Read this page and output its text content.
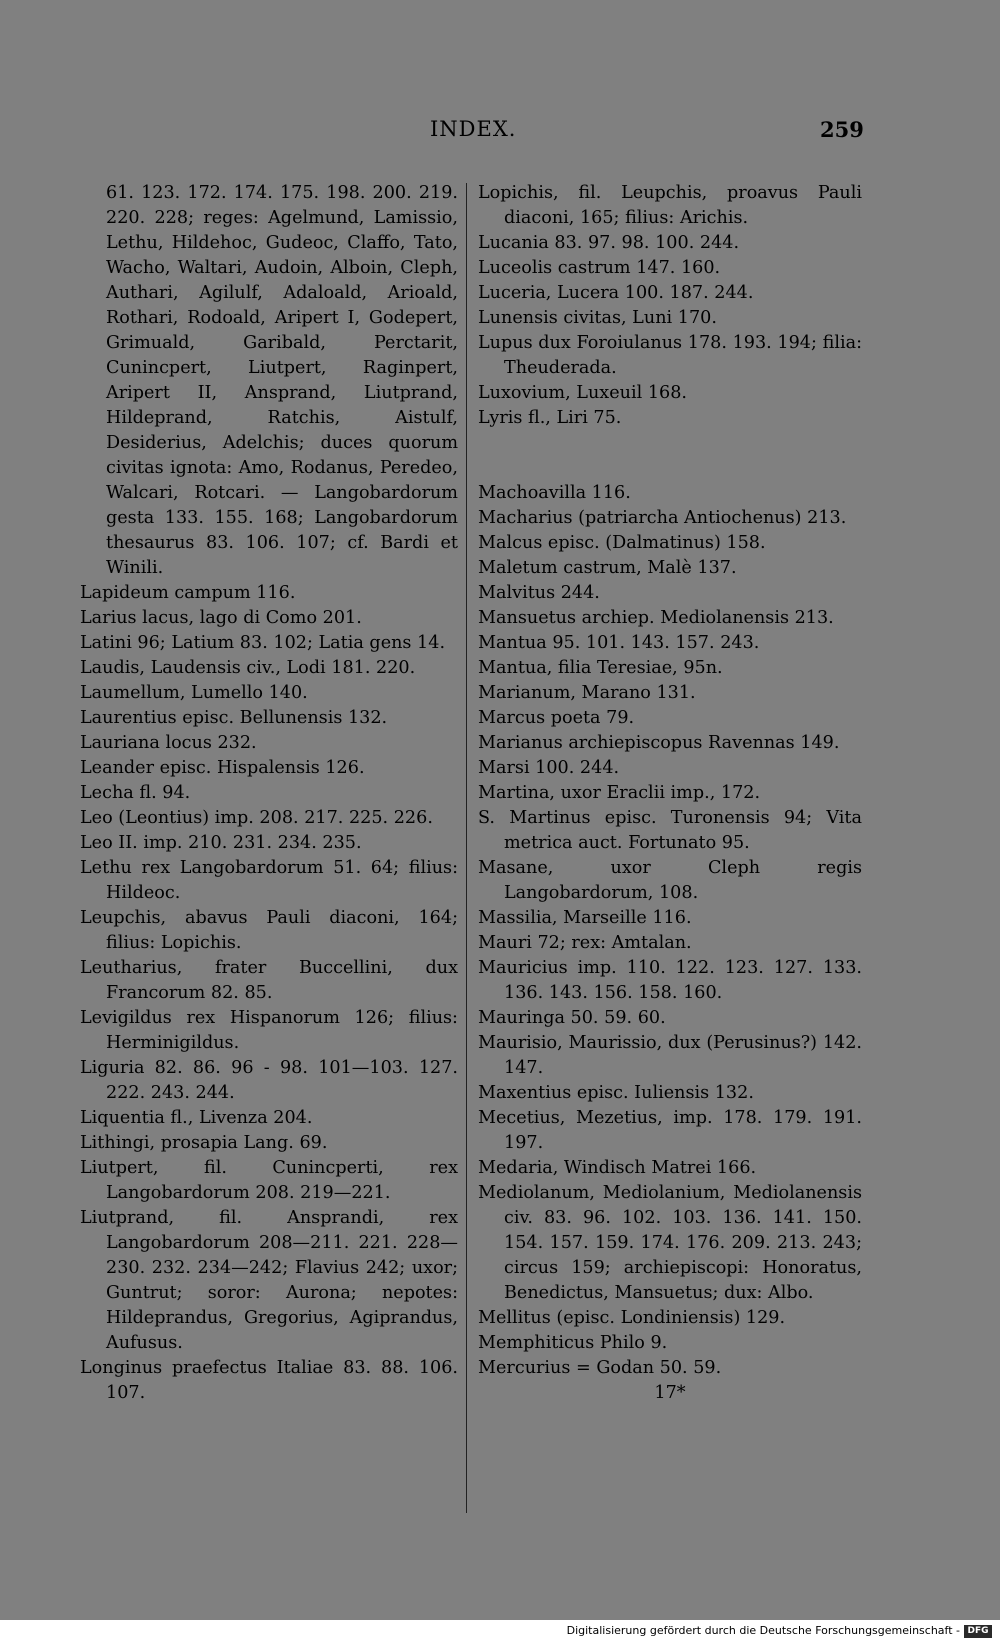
INDEX.	259

61. 123. 172. 174. 175. 198. 200. 219. 220. 228; reges: Agelmund, Lamissio, Lethu, Hildehoc, Gudeoc, Claffo, Tato, Wacho, Waltari, Audoin, Alboin, Cleph, Authari, Agilulf, Adaloald, Arioald, Rothari, Rodoald, Aripert I, Godepert, Grimuald, Garibald, Perctarit, Cunincpert, Liutpert, Raginpert, Aripert II, Ansprand, Liutprand, Hildeprand, Ratchis, Aistulf, Desiderius, Adelchis; duces quorum civitas ignota: Amo, Rodanus, Peredeo, Walcari, Rotcari. — Langobardorum gesta 133. 155. 168; Langobardorum thesaurus 83. 106. 107; cf. Bardi et Winili.

Lapideum campum 116.

Larius lacus, lago di Como 201.

Latini 96; Latium 83. 102; Latia gens 14.

Laudis, Laudensis civ., Lodi 181. 220.

Laumellum, Lumello 140.

Laurentius episc. Bellunensis 132.

Lauriana locus 232.

Leander episc. Hispalensis 126.

Lecha fl. 94.

Leo (Leontius) imp. 208. 217. 225. 226.

Leo II. imp. 210. 231. 234. 235.

Lethu rex Langobardorum 51. 64; filius: Hildeoc.

Leupchis, abavus Pauli diaconi, 164; filius: Lopichis.

Leutharius, frater Buccellini, dux Francorum 82. 85.

Levigildus rex Hispanorum 126; filius: Herminigildus.

Liguria 82. 86. 96 - 98. 101—103. 127. 222. 243. 244.

Liquentia fl., Livenza 204.

Lithingi, prosapia Lang. 69.

Liutpert, fil. Cunincperti, rex Langobardorum 208. 219—221.

Liutprand, fil. Ansprandi, rex Langobardorum 208—211. 221. 228—230. 232. 234—242; Flavius 242; uxor; Guntrut; soror: Aurona; nepotes: Hildeprandus, Gregorius, Agiprandus, Aufusus.

Longinus praefectus Italiae 83. 88. 106. 107.

Lopichis, fil. Leupchis, proavus Pauli diaconi, 165; filius: Arichis.

Lucania 83. 97. 98. 100. 244.

Luceolis castrum 147. 160.

Luceria, Lucera 100. 187. 244.

Lunensis civitas, Luni 170.

Lupus dux Foroiulanus 178. 193. 194; filia: Theuderada.

Luxovium, Luxeuil 168.

Lyris fl., Liri 75.

Machoavilla 116.

Macharius (patriarcha Antiochenus) 213.

Malcus episc. (Dalmatinus) 158.

Maletum castrum, Malè 137.

Malvitus 244.

Mansuetus archiep. Mediolanensis 213.

Mantua 95. 101. 143. 157. 243.

Mantua, filia Teresiae, 95n.

Marianum, Marano 131.

Marcus poeta 79.

Marianus archiepiscopus Ravennas 149.

Marsi 100. 244.

Martina, uxor Eraclii imp., 172.

S. Martinus episc. Turonensis 94; Vita metrica auct. Fortunato 95.

Masane, uxor Cleph regis Langobardorum, 108.

Massilia, Marseille 116.

Mauri 72; rex: Amtalan.

Mauricius imp. 110. 122. 123. 127. 133. 136. 143. 156. 158. 160.

Mauringa 50. 59. 60.

Maurisio, Maurissio, dux (Perusinus?) 142. 147.

Maxentius episc. Iuliensis 132.

Mecetius, Mezetius, imp. 178. 179. 191. 197.

Medaria, Windisch Matrei 166.

Mediolanum, Mediolanium, Mediolanensis civ. 83. 96. 102. 103. 136. 141. 150. 154. 157. 159. 174. 176. 209. 213. 243; circus 159; archiepiscopi: Honoratus, Benedictus, Mansuetus; dux: Albo.

Mellitus (episc. Londiniensis) 129.

Memphiticus Philo 9.

Mercurius = Godan 50. 59.

17*

Digitalisierung gefördert durch die Deutsche Forschungsgemeinschaft - DFG
